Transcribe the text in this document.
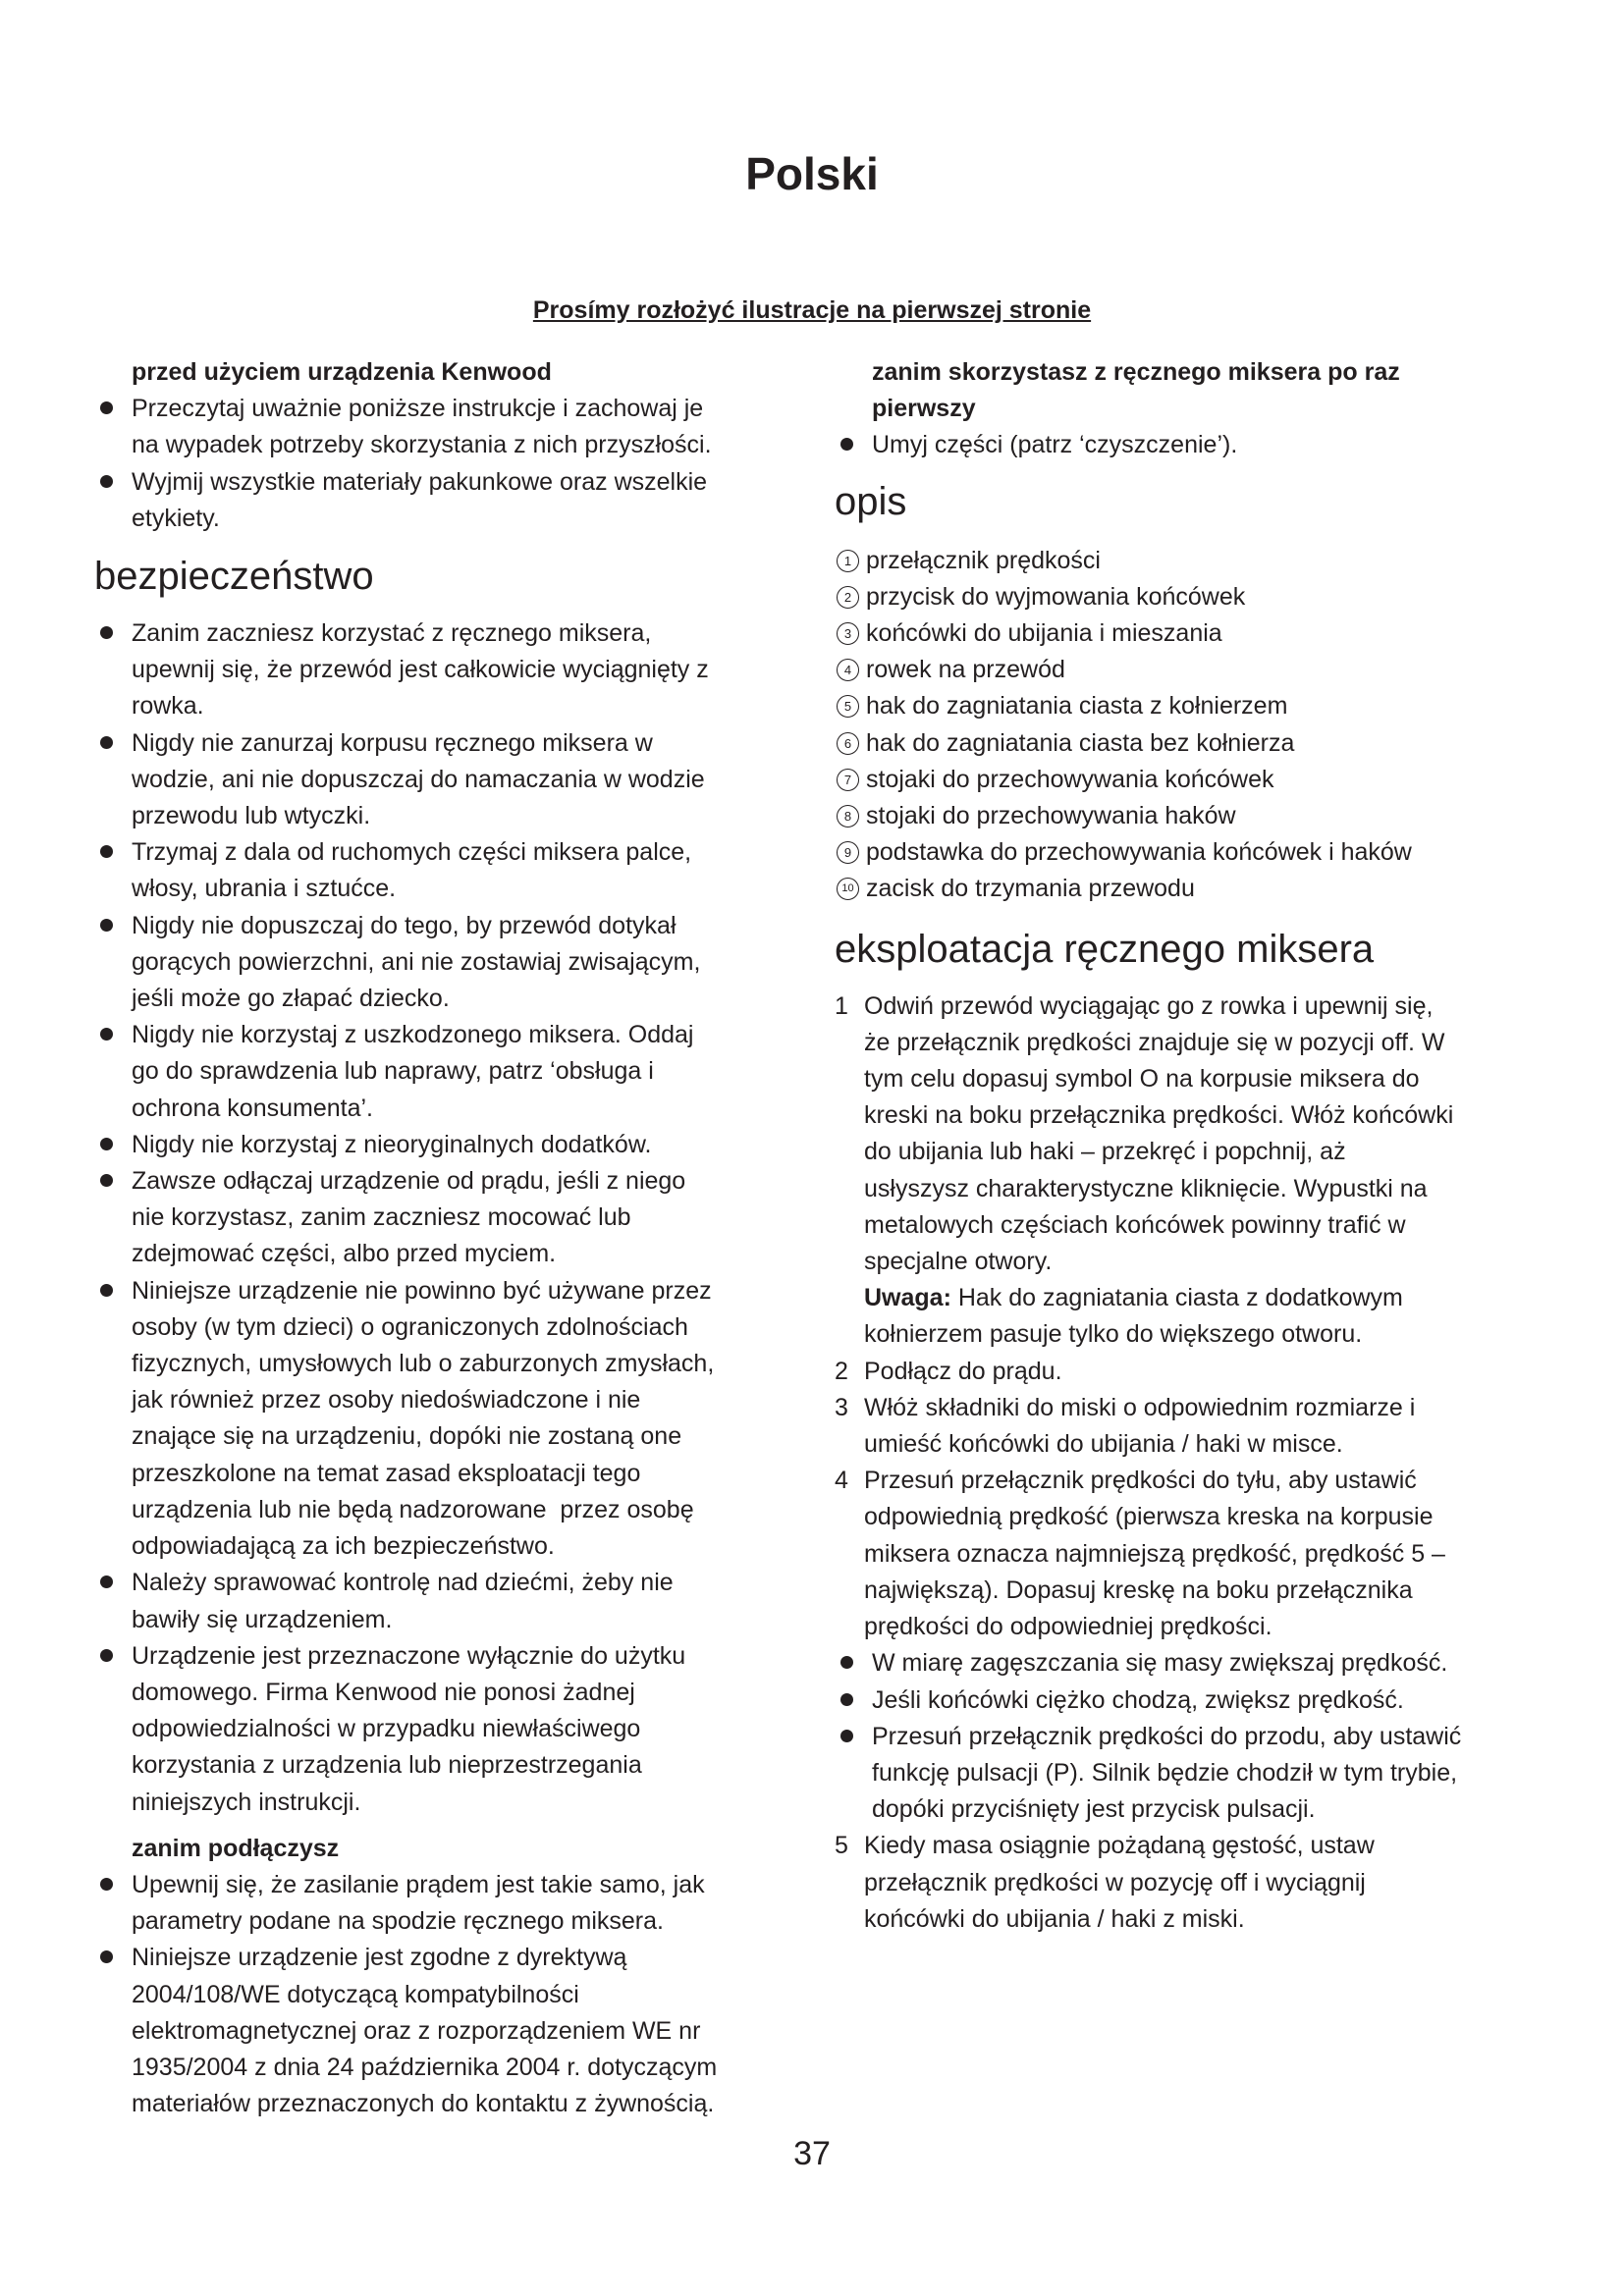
Polski
Prosímy rozłożyć ilustracje na pierwszej stronie
przed użyciem urządzenia Kenwood
Przeczytaj uważnie poniższe instrukcje i zachowaj je
na wypadek potrzeby skorzystania z nich przyszłości.
Wyjmij wszystkie materiały pakunkowe oraz wszelkie
etykiety.
bezpieczeństwo
Zanim zaczniesz korzystać z ręcznego miksera,
upewnij się, że przewód jest całkowicie wyciągnięty z
rowka.
Nigdy nie zanurzaj korpusu ręcznego miksera w
wodzie, ani nie dopuszczaj do namaczania w wodzie
przewodu lub wtyczki.
Trzymaj z dala od ruchomych części miksera palce,
włosy, ubrania i sztućce.
Nigdy nie dopuszczaj do tego, by przewód dotykał
gorących powierzchni, ani nie zostawiaj zwisającym,
jeśli może go złapać dziecko.
Nigdy nie korzystaj z uszkodzonego miksera. Oddaj
go do sprawdzenia lub naprawy, patrz ‘obsługa i
ochrona konsumenta’.
Nigdy nie korzystaj z nieoryginalnych dodatków.
Zawsze odłączaj urządzenie od prądu, jeśli z niego
nie korzystasz, zanim zaczniesz mocować lub
zdejmować części, albo przed myciem.
Niniejsze urządzenie nie powinno być używane przez
osoby (w tym dzieci) o ograniczonych zdolnościach
fizycznych, umysłowych lub o zaburzonych zmysłach,
jak również przez osoby niedoświadczone i nie
znające się na urządzeniu, dopóki nie zostaną one
przeszkolone na temat zasad eksploatacji tego
urządzenia lub nie będą nadzorowane  przez osobę
odpowiadającą za ich bezpieczeństwo.
Należy sprawować kontrolę nad dziećmi, żeby nie
bawiły się urządzeniem.
Urządzenie jest przeznaczone wyłącznie do użytku
domowego. Firma Kenwood nie ponosi żadnej
odpowiedzialności w przypadku niewłaściwego
korzystania z urządzenia lub nieprzestrzegania
niniejszych instrukcji.
zanim podłączysz
Upewnij się, że zasilanie prądem jest takie samo, jak
parametry podane na spodzie ręcznego miksera.
Niniejsze urządzenie jest zgodne z dyrektywą
2004/108/WE dotyczącą kompatybilności
elektromagnetycznej oraz z rozporządzeniem WE nr
1935/2004 z dnia 24 października 2004 r. dotyczącym
materiałów przeznaczonych do kontaktu z żywnością.
zanim skorzystasz z ręcznego miksera po raz
pierwszy
Umyj części (patrz ‘czyszczenie’).
opis
1 przełącznik prędkości
2 przycisk do wyjmowania końcówek
3 końcówki do ubijania i mieszania
4 rowek na przewód
5 hak do zagniatania ciasta z kołnierzem
6 hak do zagniatania ciasta bez kołnierza
7 stojaki do przechowywania końcówek
8 stojaki do przechowywania haków
9 podstawka do przechowywania końcówek i haków
10 zacisk do trzymania przewodu
eksploatacja ręcznego miksera
1 Odwiń przewód wyciągając go z rowka i upewnij się,
że przełącznik prędkości znajduje się w pozycji off. W
tym celu dopasuj symbol O na korpusie miksera do
kreski na boku przełącznika prędkości. Włóż końcówki
do ubijania lub haki – przekręć i popchnij, aż
usłyszysz charakterystyczne kliknięcie. Wypustki na
metalowych częściach końcówek powinny trafić w
specjalne otwory.
Uwaga: Hak do zagniatania ciasta z dodatkowym
kołnierzem pasuje tylko do większego otworu.
2 Podłącz do prądu.
3 Włóż składniki do miski o odpowiednim rozmiarze i
umieść końcówki do ubijania / haki w misce.
4 Przesuń przełącznik prędkości do tyłu, aby ustawić
odpowiednią prędkość (pierwsza kreska na korpusie
miksera oznacza najmniejszą prędkość, prędkość 5 –
największą). Dopasuj kreskę na boku przełącznika
prędkości do odpowiedniej prędkości.
W miarę zagęszczania się masy zwiększaj prędkość.
Jeśli końcówki ciężko chodzą, zwiększ prędkość.
Przesuń przełącznik prędkości do przodu, aby ustawić
funkcję pulsacji (P). Silnik będzie chodził w tym trybie,
dopóki przyciśnięty jest przycisk pulsacji.
5 Kiedy masa osiągnie pożądaną gęstość, ustaw
przełącznik prędkości w pozycję off i wyciągnij
końcówki do ubijania / haki z miski.
37
